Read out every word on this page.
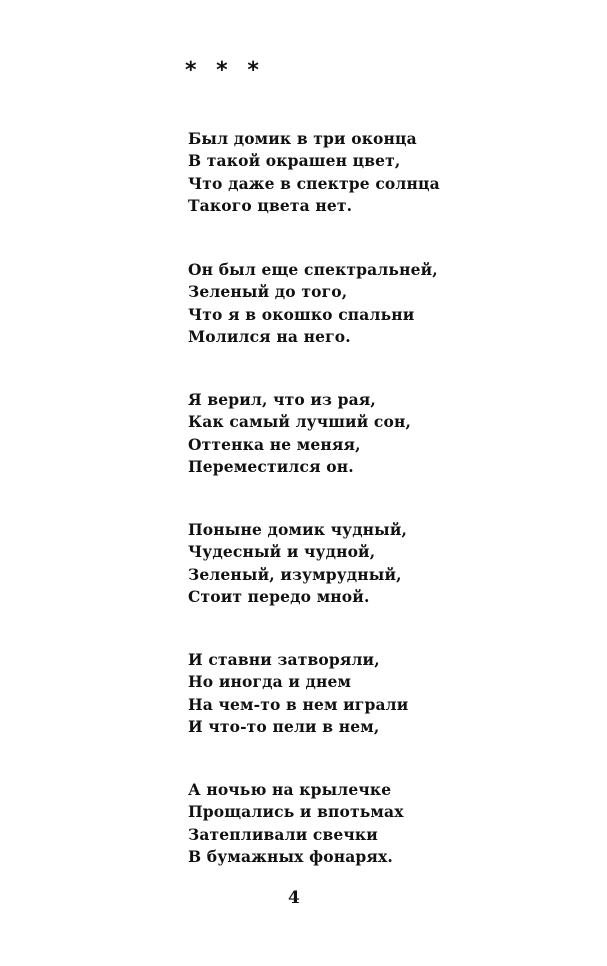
* * *
Был домик в три оконца
В такой окрашен цвет,
Что даже в спектре солнца
Такого цвета нет.
Он был еще спектральней,
Зеленый до того,
Что я в окошко спальни
Молился на него.
Я верил, что из рая,
Как самый лучший сон,
Оттенка не меняя,
Переместился он.
Поныне домик чудный,
Чудесный и чудной,
Зеленый, изумрудный,
Стоит передо мной.
И ставни затворяли,
Но иногда и днем
На чем-то в нем играли
И что-то пели в нем,
А ночью на крылечке
Прощались и впотьмах
Затепливали свечки
В бумажных фонарях.
4
